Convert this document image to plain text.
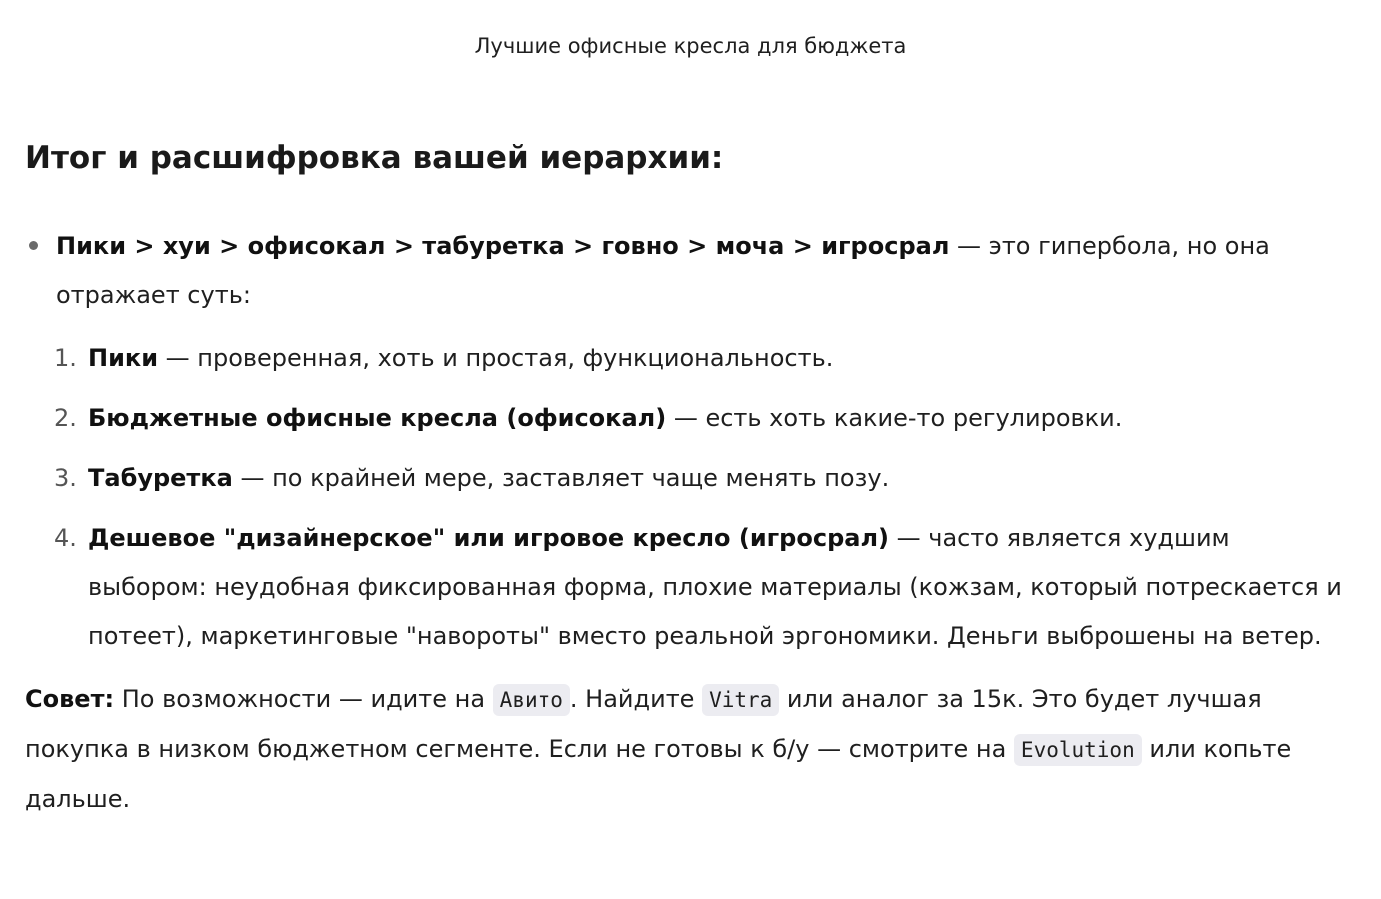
Лучшие офисные кресла для бюджета
Итог и расшифровка вашей иерархии:
Пики > хуи > офисокал > табуретка > говно > моча > игросрал — это гипербола, но она отражает суть:
1. Пики — проверенная, хоть и простая, функциональность.
2. Бюджетные офисные кресла (офисокал) — есть хоть какие-то регулировки.
3. Табуретка — по крайней мере, заставляет чаще менять позу.
4. Дешевое "дизайнерское" или игровое кресло (игросрал) — часто является худшим выбором: неудобная фиксированная форма, плохие материалы (кожзам, который потрескается и потеет), маркетинговые "навороты" вместо реальной эргономики. Деньги выброшены на ветер.

Совет: По возможности — идите на Авито . Найдите Vitra или аналог за 15к. Это будет лучшая покупка в низком бюджетном сегменте. Если не готовы к б/у — смотрите на Evolution или копьте дальше.
